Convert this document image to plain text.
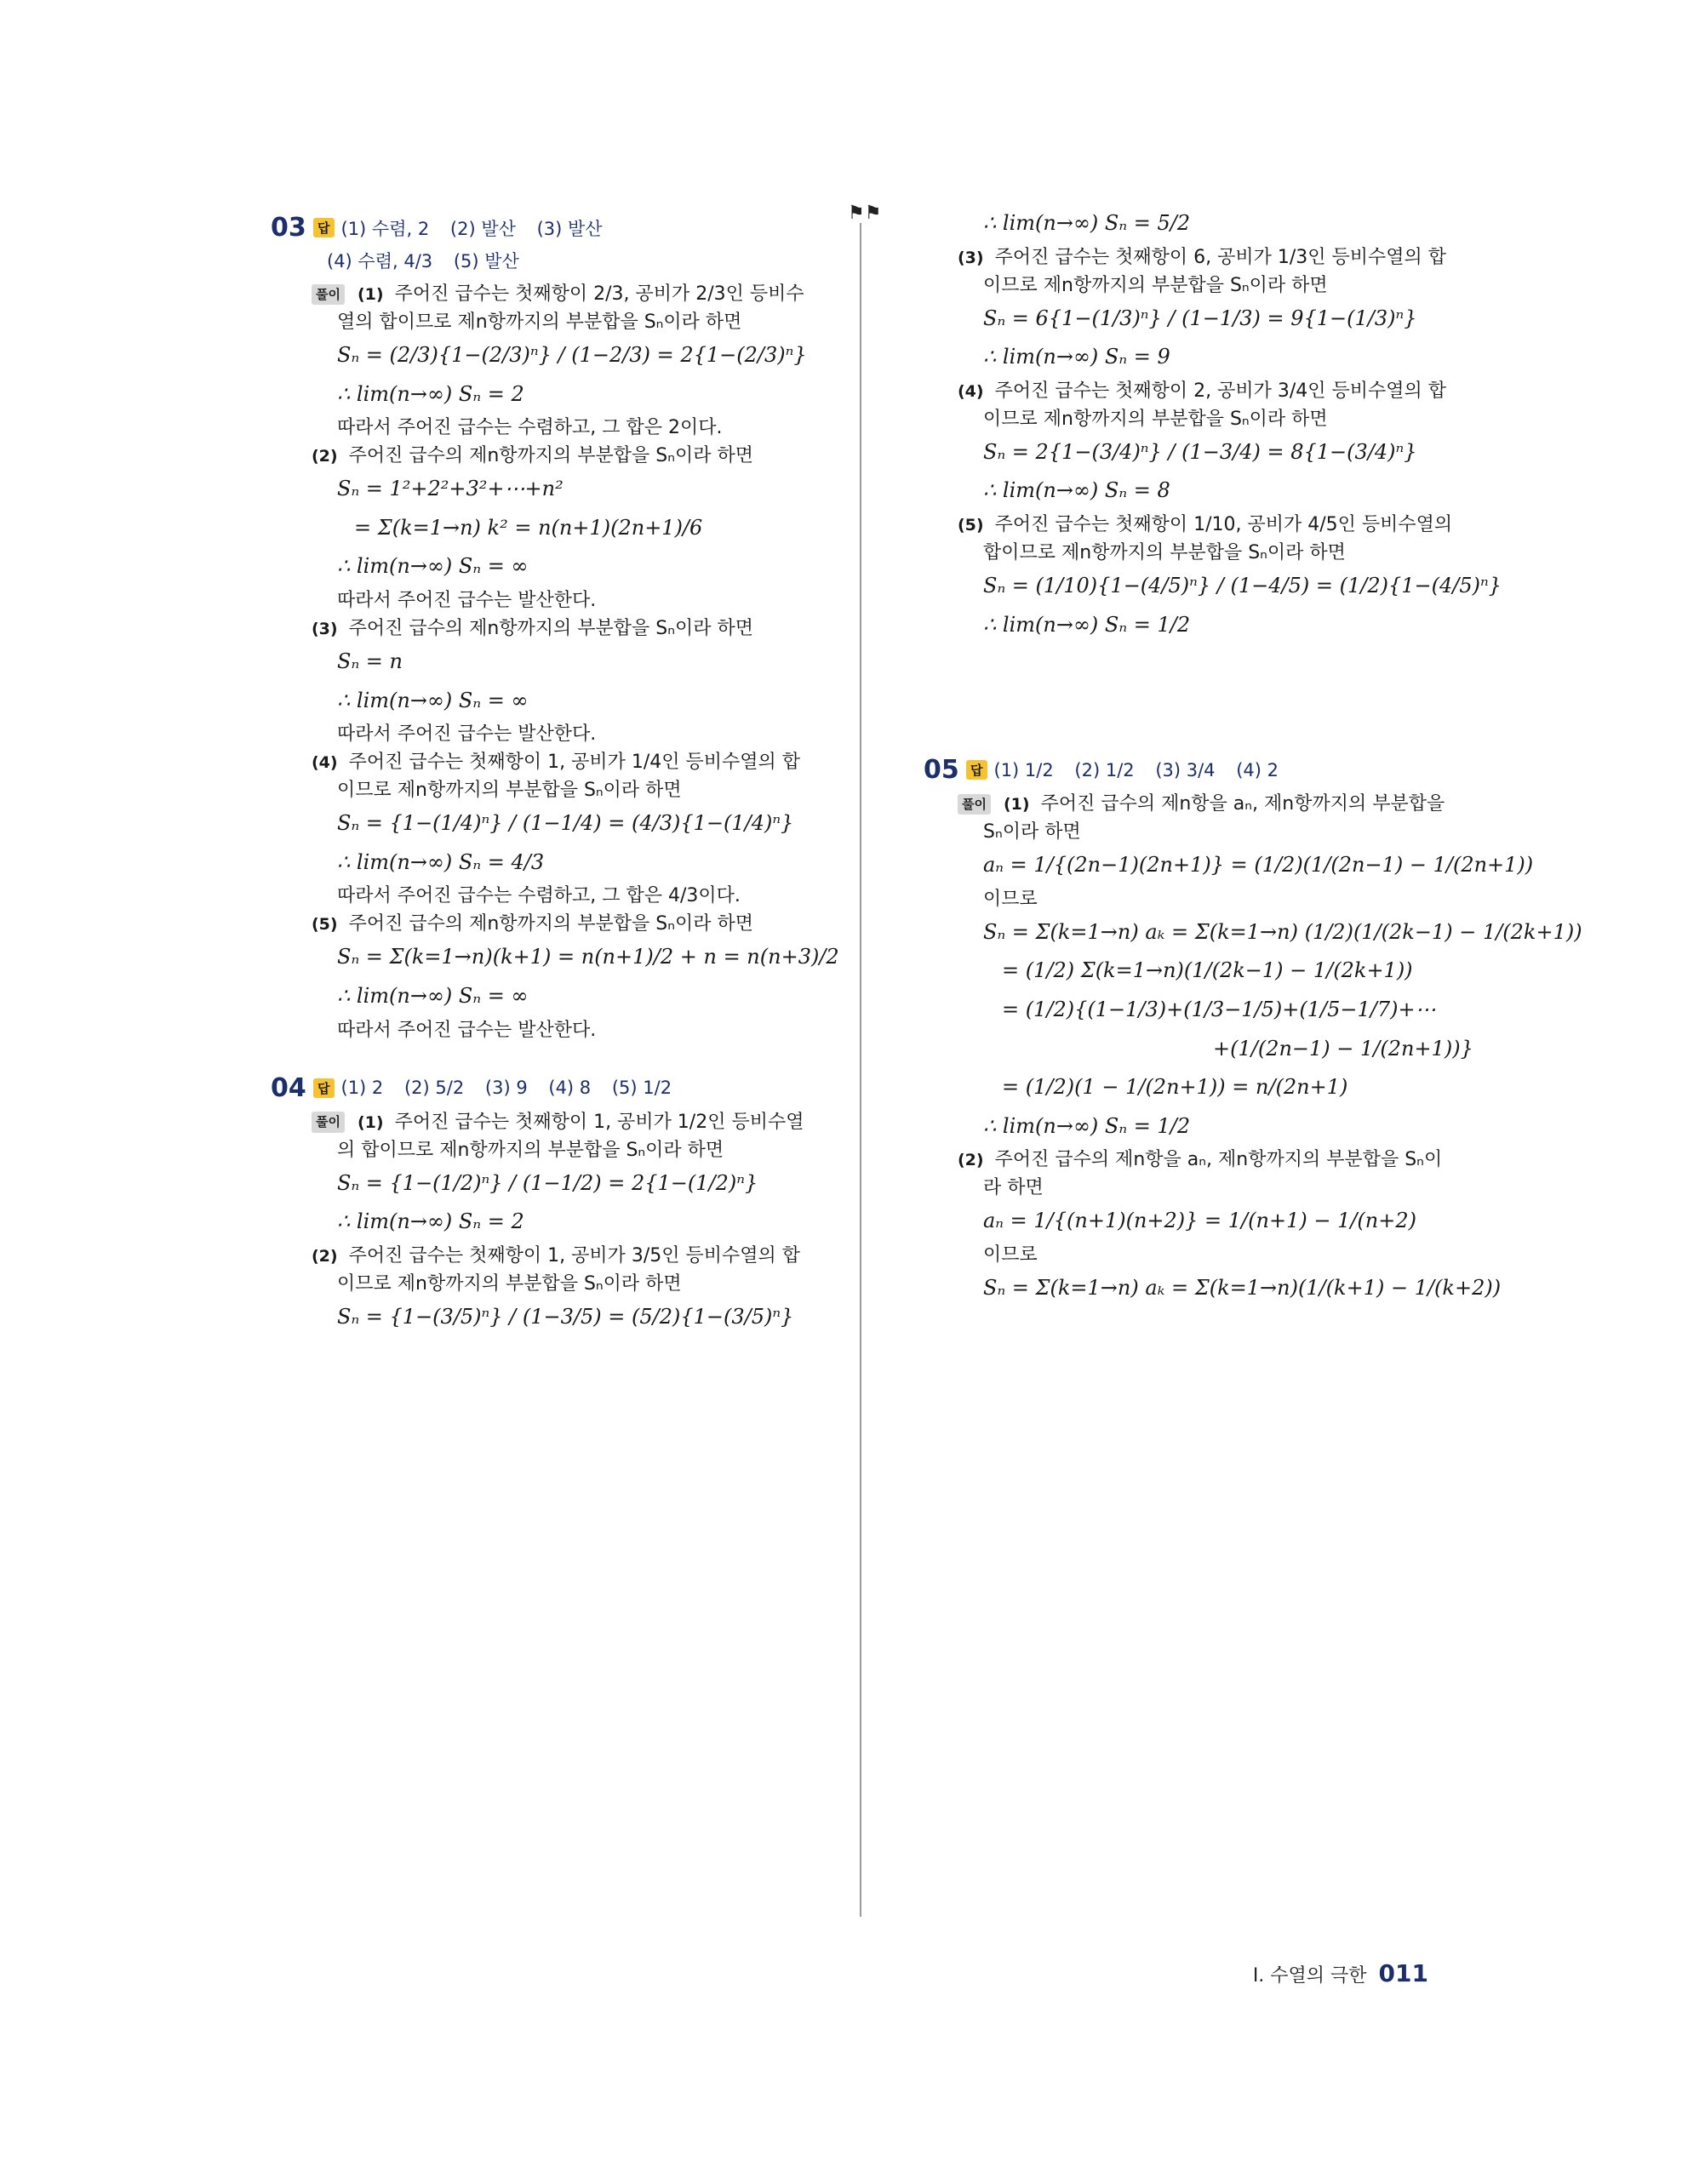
⚑⚑
03 답 (1) 수렴, 2 (2) 발산 (3) 발산
(4) 수렴, 4/3 (5) 발산
풀이 (1) 주어진 급수는 첫째항이 2/3, 공비가 2/3인 등비수
열의 합이므로 제n항까지의 부분합을 Sₙ이라 하면
Sₙ = (2/3){1−(2/3)ⁿ} / (1−2/3) = 2{1−(2/3)ⁿ}
∴ lim(n→∞) Sₙ = 2
따라서 주어진 급수는 수렴하고, 그 합은 2이다.
(2) 주어진 급수의 제n항까지의 부분합을 Sₙ이라 하면
Sₙ = 1²+2²+3²+⋯+n²
= Σ(k=1→n) k² = n(n+1)(2n+1)/6
∴ lim(n→∞) Sₙ = ∞
따라서 주어진 급수는 발산한다.
(3) 주어진 급수의 제n항까지의 부분합을 Sₙ이라 하면
Sₙ = n
∴ lim(n→∞) Sₙ = ∞
따라서 주어진 급수는 발산한다.
(4) 주어진 급수는 첫째항이 1, 공비가 1/4인 등비수열의 합
이므로 제n항까지의 부분합을 Sₙ이라 하면
Sₙ = {1−(1/4)ⁿ} / (1−1/4) = (4/3){1−(1/4)ⁿ}
∴ lim(n→∞) Sₙ = 4/3
따라서 주어진 급수는 수렴하고, 그 합은 4/3이다.
(5) 주어진 급수의 제n항까지의 부분합을 Sₙ이라 하면
Sₙ = Σ(k=1→n)(k+1) = n(n+1)/2 + n = n(n+3)/2
∴ lim(n→∞) Sₙ = ∞
따라서 주어진 급수는 발산한다.
04 답 (1) 2 (2) 5/2 (3) 9 (4) 8 (5) 1/2
풀이 (1) 주어진 급수는 첫째항이 1, 공비가 1/2인 등비수열
의 합이므로 제n항까지의 부분합을 Sₙ이라 하면
Sₙ = {1−(1/2)ⁿ} / (1−1/2) = 2{1−(1/2)ⁿ}
∴ lim(n→∞) Sₙ = 2
(2) 주어진 급수는 첫째항이 1, 공비가 3/5인 등비수열의 합
이므로 제n항까지의 부분합을 Sₙ이라 하면
Sₙ = {1−(3/5)ⁿ} / (1−3/5) = (5/2){1−(3/5)ⁿ}
∴ lim(n→∞) Sₙ = 5/2
(3) 주어진 급수는 첫째항이 6, 공비가 1/3인 등비수열의 합
이므로 제n항까지의 부분합을 Sₙ이라 하면
Sₙ = 6{1−(1/3)ⁿ} / (1−1/3) = 9{1−(1/3)ⁿ}
∴ lim(n→∞) Sₙ = 9
(4) 주어진 급수는 첫째항이 2, 공비가 3/4인 등비수열의 합
이므로 제n항까지의 부분합을 Sₙ이라 하면
Sₙ = 2{1−(3/4)ⁿ} / (1−3/4) = 8{1−(3/4)ⁿ}
∴ lim(n→∞) Sₙ = 8
(5) 주어진 급수는 첫째항이 1/10, 공비가 4/5인 등비수열의
합이므로 제n항까지의 부분합을 Sₙ이라 하면
Sₙ = (1/10){1−(4/5)ⁿ} / (1−4/5) = (1/2){1−(4/5)ⁿ}
∴ lim(n→∞) Sₙ = 1/2
05 답 (1) 1/2 (2) 1/2 (3) 3/4 (4) 2
풀이 (1) 주어진 급수의 제n항을 aₙ, 제n항까지의 부분합을
Sₙ이라 하면
aₙ = 1/{(2n−1)(2n+1)} = (1/2)(1/(2n−1) − 1/(2n+1))
이므로
Sₙ = Σ(k=1→n) aₖ = Σ(k=1→n) (1/2)(1/(2k−1) − 1/(2k+1))
= (1/2) Σ(k=1→n)(1/(2k−1) − 1/(2k+1))
= (1/2){(1−1/3)+(1/3−1/5)+(1/5−1/7)+⋯
+(1/(2n−1) − 1/(2n+1))}
= (1/2)(1 − 1/(2n+1)) = n/(2n+1)
∴ lim(n→∞) Sₙ = 1/2
(2) 주어진 급수의 제n항을 aₙ, 제n항까지의 부분합을 Sₙ이
라 하면
aₙ = 1/{(n+1)(n+2)} = 1/(n+1) − 1/(n+2)
이므로
Sₙ = Σ(k=1→n) aₖ = Σ(k=1→n)(1/(k+1) − 1/(k+2))
I. 수열의 극한 011
